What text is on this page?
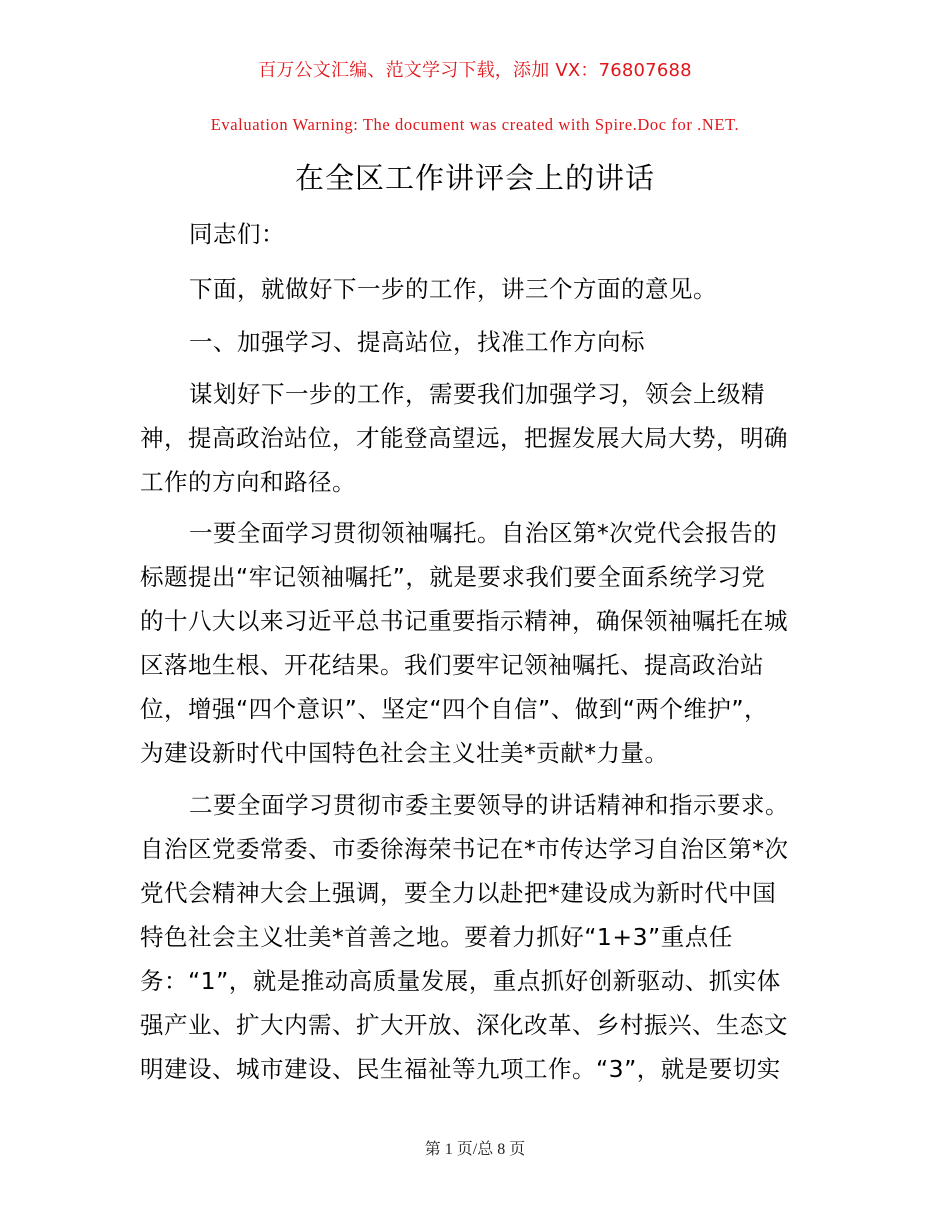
百万公文汇编、范文学习下载，添加 VX：76807688
Evaluation Warning: The document was created with Spire.Doc for .NET.
在全区工作讲评会上的讲话
同志们：
下面，就做好下一步的工作，讲三个方面的意见。
一、加强学习、提高站位，找准工作方向标
谋划好下一步的工作，需要我们加强学习，领会上级精
神，提高政治站位，才能登高望远，把握发展大局大势，明确
工作的方向和路径。
一要全面学习贯彻领袖嘱托。自治区第*次党代会报告的
标题提出“牢记领袖嘱托”，就是要求我们要全面系统学习党
的十八大以来习近平总书记重要指示精神，确保领袖嘱托在城
区落地生根、开花结果。我们要牢记领袖嘱托、提高政治站
位，增强“四个意识”、坚定“四个自信”、做到“两个维护”，
为建设新时代中国特色社会主义壮美*贡献*力量。
二要全面学习贯彻市委主要领导的讲话精神和指示要求。
自治区党委常委、市委徐海荣书记在*市传达学习自治区第*次
党代会精神大会上强调，要全力以赴把*建设成为新时代中国
特色社会主义壮美*首善之地。要着力抓好“1+3”重点任
务：“1”，就是推动高质量发展，重点抓好创新驱动、抓实体
强产业、扩大内需、扩大开放、深化改革、乡村振兴、生态文
明建设、城市建设、民生福祉等九项工作。“3”，就是要切实
第 1 页/总 8 页
